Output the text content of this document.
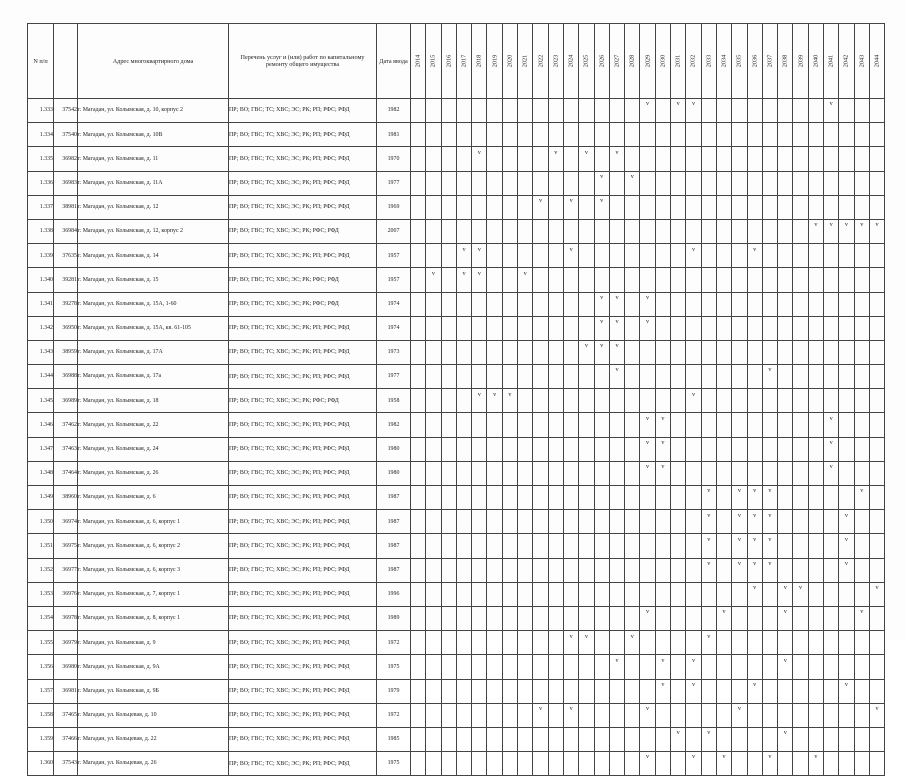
N п/п		Адрес многоквартирного дома	Перечень услуг и (или) работ по капитальному ремонту общего имущества	Дата ввода	2014	2015	2016	2017	2018	2019	2020	2021	2022	2023	2024	2025	2026	2027	2028	2029	2030	2031	2032	2033	2034	2035	2036	2037	2038	2039	2040	2041	2042	2043	2044

1.333	37542	г. Магадан, ул. Колымская, д. 10, корпус 2	ПР; ВО; ГВС; ТС; ХВС; ЭС; РК; РП; РФС; РФД	1982																v		v	v									v			
1.334	37540	г. Магадан, ул. Колымская, д. 10В	ПР; ВО; ГВС; ТС; ХВС; ЭС; РК; РП; РФС; РФД	1981																															
1.335	36982	г. Магадан, ул. Колымская, д. 11	ПР; ВО; ГВС; ТС; ХВС; ЭС; РК; РП; РФС; РФД	1970					v					v		v		v																	
1.336	36983	г. Магадан, ул. Колымская, д. 11А	ПР; ВО; ГВС; ТС; ХВС; ЭС; РК; РП; РФС; РФД	1977													v		v																
1.337	38981	г. Магадан, ул. Колымская, д. 12	ПР; ВО; ГВС; ТС; ХВС; ЭС; РК; РП; РФС; РФД	1969									v		v		v																		
1.338	36984	г. Магадан, ул. Колымская, д. 12, корпус 2	ПР; ВО; ГВС; ТС; ХВС; ЭС; РК; РФС; РФД	2007																											v	v	v	v	v
1.339	37635	г. Магадан, ул. Колымская, д. 14	ПР; ВО; ГВС; ТС; ХВС; ЭС; РК; РП; РФС; РФД	1957				v	v						v								v				v								
1.340	39281	г. Магадан, ул. Колымская, д. 15	ПР; ВО; ГВС; ТС; ХВС; ЭС; РК; РФС; РФД	1957		v		v	v			v																							
1.341	39278	г. Магадан, ул. Колымская, д. 15А, 1-60	ПР; ВО; ГВС; ТС; ХВС; ЭС; РК; РФС; РФД	1974													v	v		v															
1.342	36950	г. Магадан, ул. Колымская, д. 15А, кв. 61-105	ПР; ВО; ГВС; ТС; ХВС; ЭС; РК; РП; РФС; РФД	1974													v	v		v															
1.343	38959	г. Магадан, ул. Колымская, д. 17А	ПР; ВО; ГВС; ТС; ХВС; ЭС; РК; РП; РФС; РФД	1973												v	v	v																	
1.344	36988	г. Магадан, ул. Колымская, д. 17а	ПР; ВО; ГВС; ТС; ХВС; ЭС; РК; РП; РФС; РФД	1977														v										v							
1.345	36989	г. Магадан, ул. Колымская, д. 18	ПР; ВО; ГВС; ТС; ХВС; ЭС; РК; РФС; РФД	1958					v	v	v												v												
1.346	37462	г. Магадан, ул. Колымская, д. 22	ПР; ВО; ГВС; ТС; ХВС; ЭС; РК; РП; РФС; РФД	1982																v	v											v			
1.347	37463	г. Магадан, ул. Колымская, д. 24	ПР; ВО; ГВС; ТС; ХВС; ЭС; РК; РП; РФС; РФД	1980																v	v											v			
1.348	37464	г. Магадан, ул. Колымская, д. 26	ПР; ВО; ГВС; ТС; ХВС; ЭС; РК; РП; РФС; РФД	1980																v	v											v			
1.349	38960	г. Магадан, ул. Колымская, д. 6	ПР; ВО; ГВС; ТС; ХВС; ЭС; РК; РП; РФС; РФД	1987																				v		v	v	v						v	
1.350	36974	г. Магадан, ул. Колымская, д. 6, корпус 1	ПР; ВО; ГВС; ТС; ХВС; ЭС; РК; РП; РФС; РФД	1987																				v		v	v	v					v		
1.351	36975	г. Магадан, ул. Колымская, д. 6, корпус 2	ПР; ВО; ГВС; ТС; ХВС; ЭС; РК; РП; РФС; РФД	1987																				v		v	v	v					v		
1.352	36977	г. Магадан, ул. Колымская, д. 6, корпус 3	ПР; ВО; ГВС; ТС; ХВС; ЭС; РК; РП; РФС; РФД	1987																				v		v	v	v					v		
1.353	36976	г. Магадан, ул. Колымская, д. 7, корпус 1	ПР; ВО; ГВС; ТС; ХВС; ЭС; РК; РП; РФС; РФД	1996																							v		v	v					v
1.354	36978	г. Магадан, ул. Колымская, д. 8, корпус 1	ПР; ВО; ГВС; ТС; ХВС; ЭС; РК; РП; РФС; РФД	1989																v					v				v					v	
1.355	36979	г. Магадан, ул. Колымская, д. 9	ПР; ВО; ГВС; ТС; ХВС; ЭС; РК; РП; РФС; РФД	1972											v	v			v					v											
1.356	36980	г. Магадан, ул. Колымская, д. 9А	ПР; ВО; ГВС; ТС; ХВС; ЭС; РК; РП; РФС; РФД	1975														v			v		v						v						
1.357	36981	г. Магадан, ул. Колымская, д. 9Б	ПР; ВО; ГВС; ТС; ХВС; ЭС; РК; РП; РФС; РФД	1979																	v		v				v						v		
1.358	37465	г. Магадан, ул. Кольцевая, д. 10	ПР; ВО; ГВС; ТС; ХВС; ЭС; РК; РП; РФС; РФД	1972									v		v					v						v									v
1.359	37466	г. Магадан, ул. Кольцевая, д. 22	ПР; ВО; ГВС; ТС; ХВС; ЭС; РК; РП; РФС; РФД	1985																		v		v					v						
1.360	37543	г. Магадан, ул. Кольцевая, д. 26	ПР; ВО; ГВС; ТС; ХВС; ЭС; РК; РП; РФС; РФД	1975																v			v		v			v			v				
